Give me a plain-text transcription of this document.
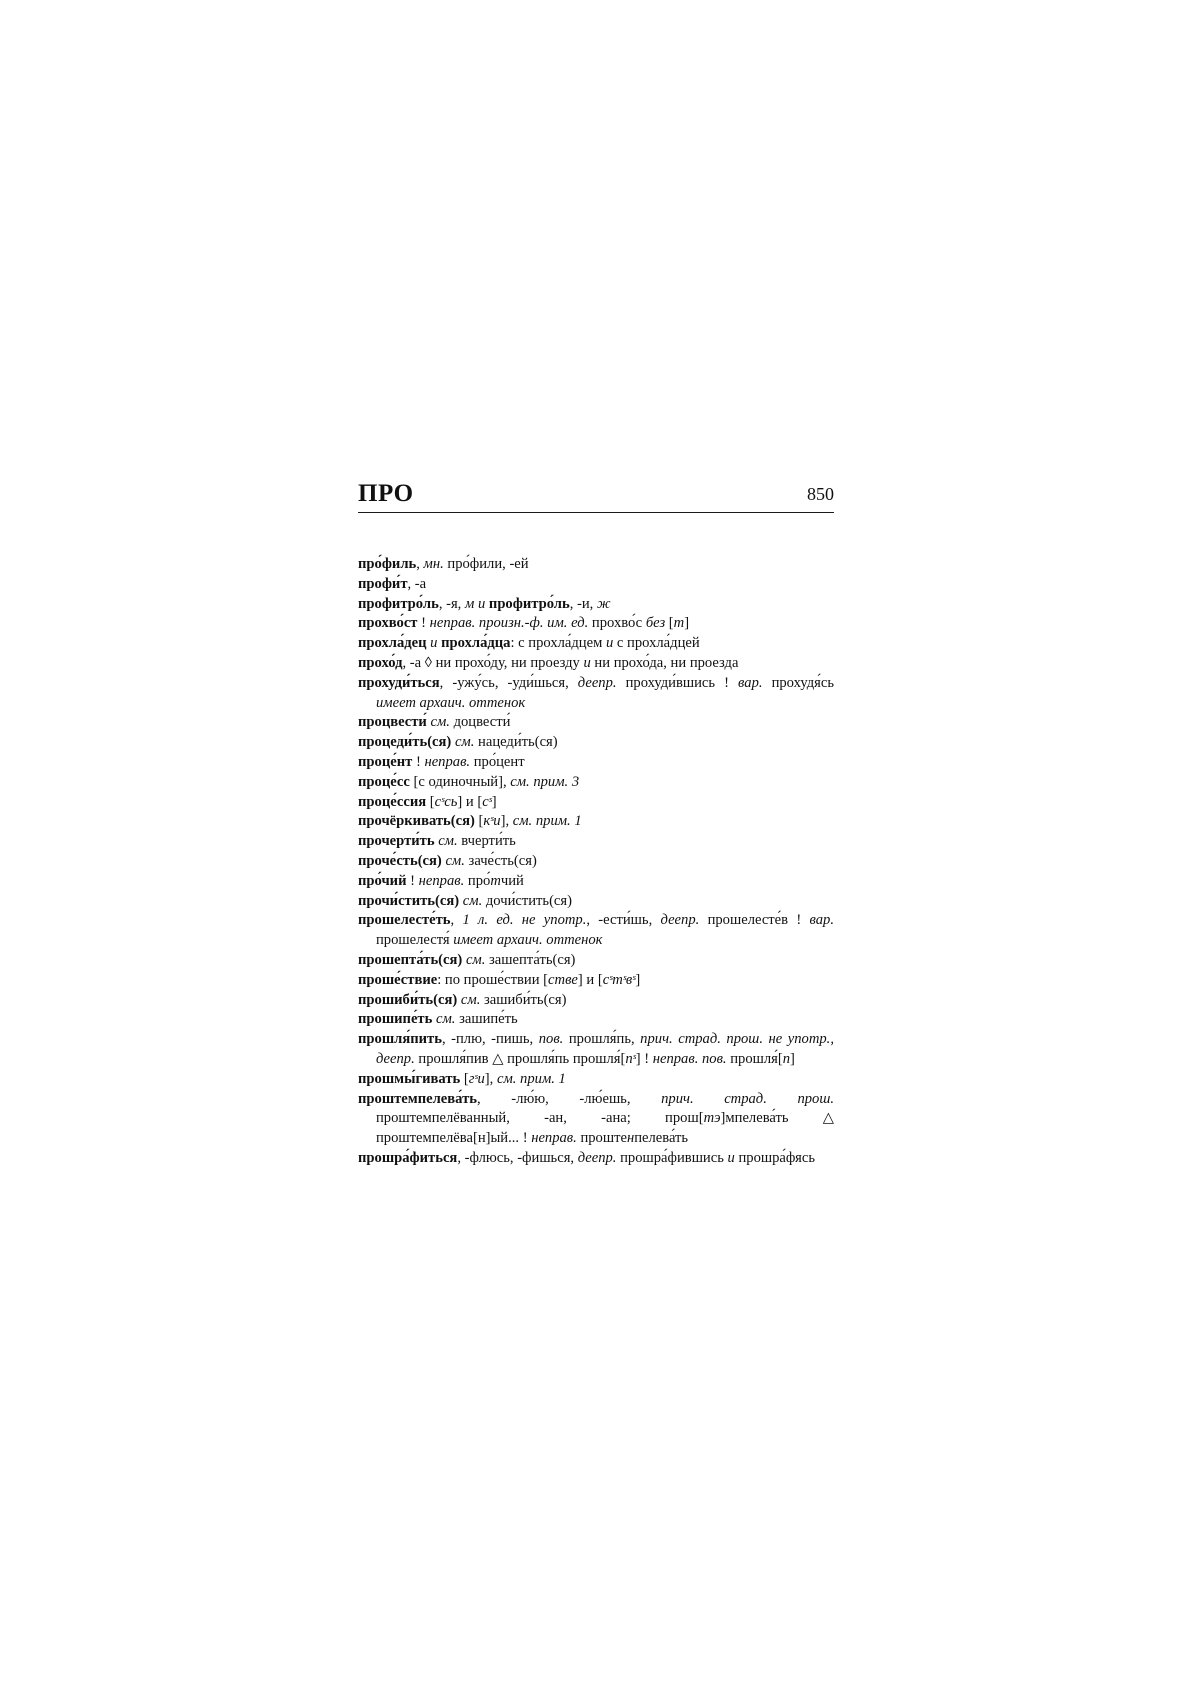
ПРО	850
про́филь, мн. про́фили, -ей
профи́т, -а
профитро́ль, -я, м и профитро́ль, -и, ж
прохво́ст ! неправ. произн.-ф. им. ед. прохво́с без [т]
прохла́дец и прохла́дца: с прохла́дцем и с прохла́дцей
прохо́д, -а ◊ ни прохо́ду, ни проезду и ни прохо́да, ни проезда
прохуди́ться, -ужу́сь, -уди́шься, деепр. прохуди́вшись ! вар. прохудя́сь имеет архаич. оттенок
процвести́ см. доцвести́
процеди́ть(ся) см. нацеди́ть(ся)
проце́нт ! неправ. про́цент
проце́сс [с одиночный], см. прим. 3
проце́ссия [сˢсь] и [сˢ]
прочёркивать(ся) [кˢи], см. прим. 1
прочерти́ть см. вчерти́ть
проче́сть(ся) см. заче́сть(ся)
про́чий ! неправ. про́тчий
прочи́стить(ся) см. дочи́стить(ся)
прошелесте́ть, 1 л. ед. не употр., -ести́шь, деепр. прошелесте́в ! вар. прошелестя́ имеет архаич. оттенок
прошепта́ть(ся) см. зашепта́ть(ся)
проше́ствие: по проше́ствии [стве] и [сˢтˢвˢ]
прошиби́ть(ся) см. зашиби́ть(ся)
прошипе́ть см. зашипе́ть
прошля́пить, -плю, -пишь, пов. прошля́пь, прич. страд. прош. не употр., деепр. прошля́пив △ прошля́пь прошля́[пˢ] ! неправ. пов. прошля́[п]
прошмы́гивать [гˢи], см. прим. 1
проштемпелева́ть, -лю́ю, -лю́ешь, прич. страд. прош. проштемпелёванный, -ан, -ана; прош[тэ]мпелева́ть △ проштемпелёва[н]ый... ! неправ. проштенпелева́ть
прошра́фиться, -флюсь, -фишься, деепр. прошра́фившись и прошра́фясь
